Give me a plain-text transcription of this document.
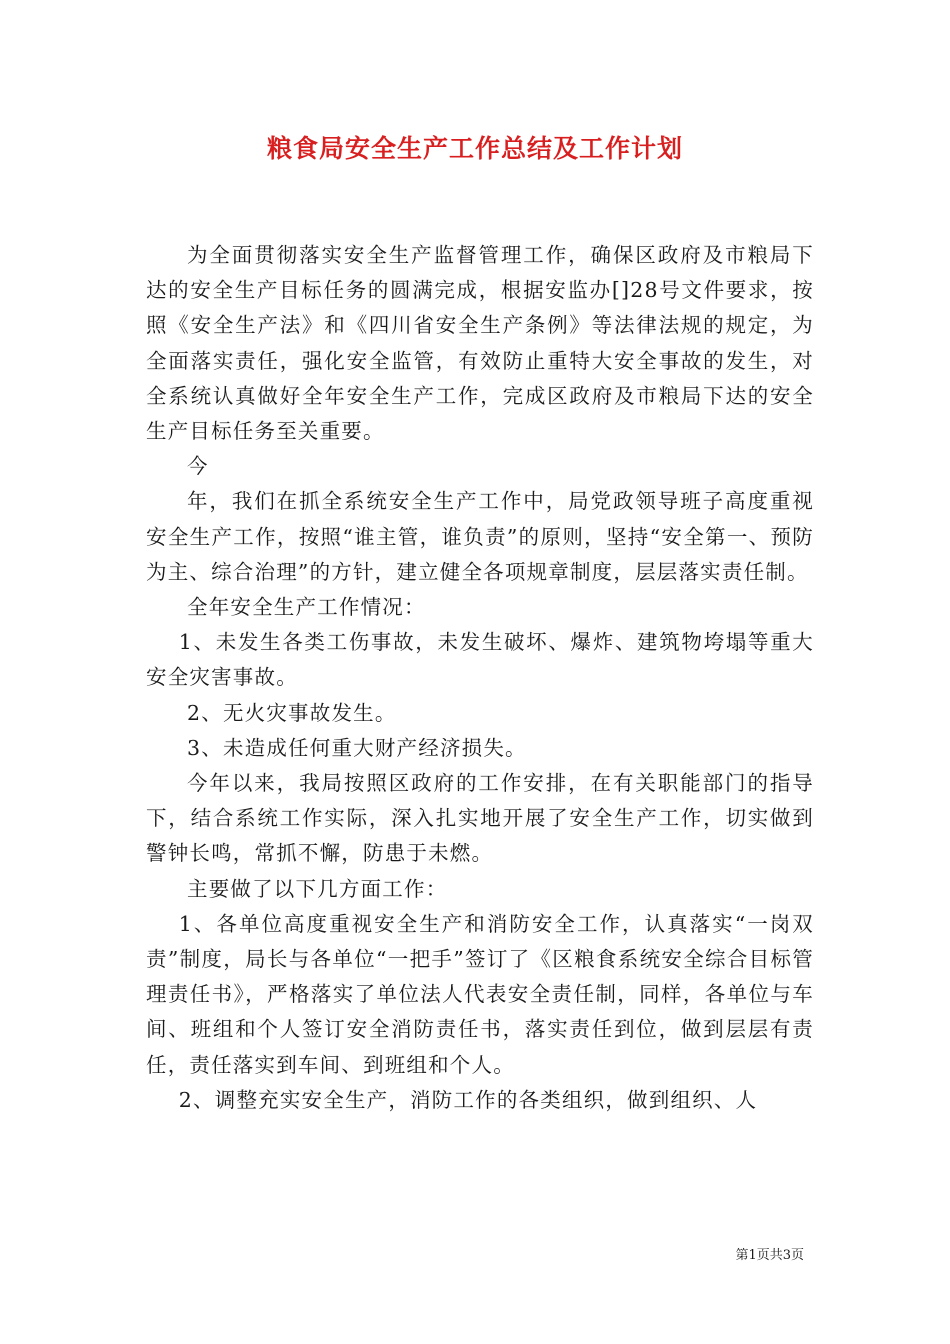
粮食局安全生产工作总结及工作计划

为全面贯彻落实安全生产监督管理工作，确保区政府及市粮局下达的安全生产目标任务的圆满完成，根据安监办[]28号文件要求，按照《安全生产法》和《四川省安全生产条例》等法律法规的规定，为全面落实责任，强化安全监管，有效防止重特大安全事故的发生，对全系统认真做好全年安全生产工作，完成区政府及市粮局下达的安全生产目标任务至关重要。

今

年，我们在抓全系统安全生产工作中，局党政领导班子高度重视安全生产工作，按照“谁主管，谁负责”的原则，坚持“安全第一、预防为主、综合治理”的方针，建立健全各项规章制度，层层落实责任制。

全年安全生产工作情况：

1、未发生各类工伤事故，未发生破坏、爆炸、建筑物垮塌等重大安全灾害事故。

2、无火灾事故发生。

3、未造成任何重大财产经济损失。

今年以来，我局按照区政府的工作安排，在有关职能部门的指导下，结合系统工作实际，深入扎实地开展了安全生产工作，切实做到警钟长鸣，常抓不懈，防患于未燃。

主要做了以下几方面工作：

1、各单位高度重视安全生产和消防安全工作，认真落实“一岗双责”制度，局长与各单位“一把手”签订了《区粮食系统安全综合目标管理责任书》，严格落实了单位法人代表安全责任制，同样，各单位与车间、班组和个人签订安全消防责任书，落实责任到位，做到层层有责任，责任落实到车间、到班组和个人。

2、调整充实安全生产，消防工作的各类组织，做到组织、人

第1页共3页
